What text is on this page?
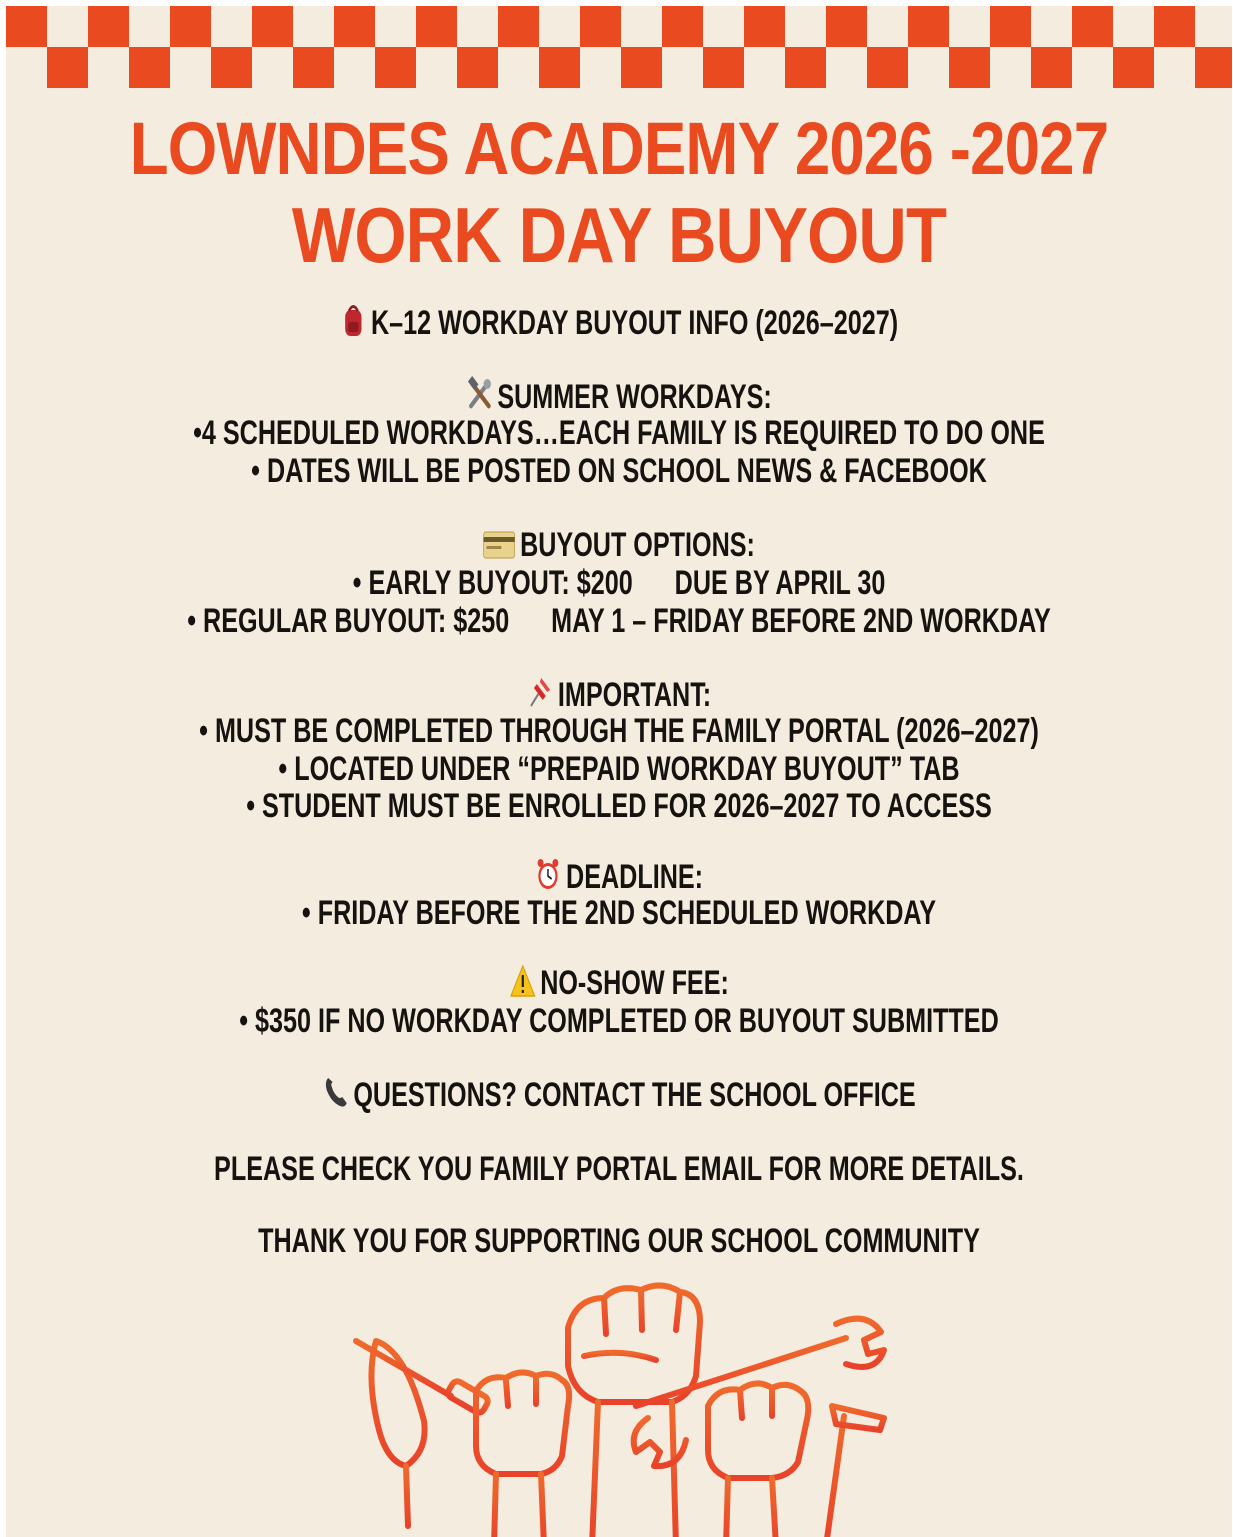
LOWNDES ACADEMY 2026 -2027
WORK DAY BUYOUT
K–12 WORKDAY BUYOUT INFO (2026–2027)
SUMMER WORKDAYS:
•4 SCHEDULED WORKDAYS…EACH FAMILY IS REQUIRED TO DO ONE
• DATES WILL BE POSTED ON SCHOOL NEWS & FACEBOOK
BUYOUT OPTIONS:
• EARLY BUYOUT: $200      DUE BY APRIL 30
• REGULAR BUYOUT: $250      MAY 1 – FRIDAY BEFORE 2ND WORKDAY
IMPORTANT:
• MUST BE COMPLETED THROUGH THE FAMILY PORTAL (2026–2027)
• LOCATED UNDER “PREPAID WORKDAY BUYOUT” TAB
• STUDENT MUST BE ENROLLED FOR 2026–2027 TO ACCESS
DEADLINE:
• FRIDAY BEFORE THE 2ND SCHEDULED WORKDAY
NO-SHOW FEE:
• $350 IF NO WORKDAY COMPLETED OR BUYOUT SUBMITTED
QUESTIONS? CONTACT THE SCHOOL OFFICE
PLEASE CHECK YOU FAMILY PORTAL EMAIL FOR MORE DETAILS.
THANK YOU FOR SUPPORTING OUR SCHOOL COMMUNITY
